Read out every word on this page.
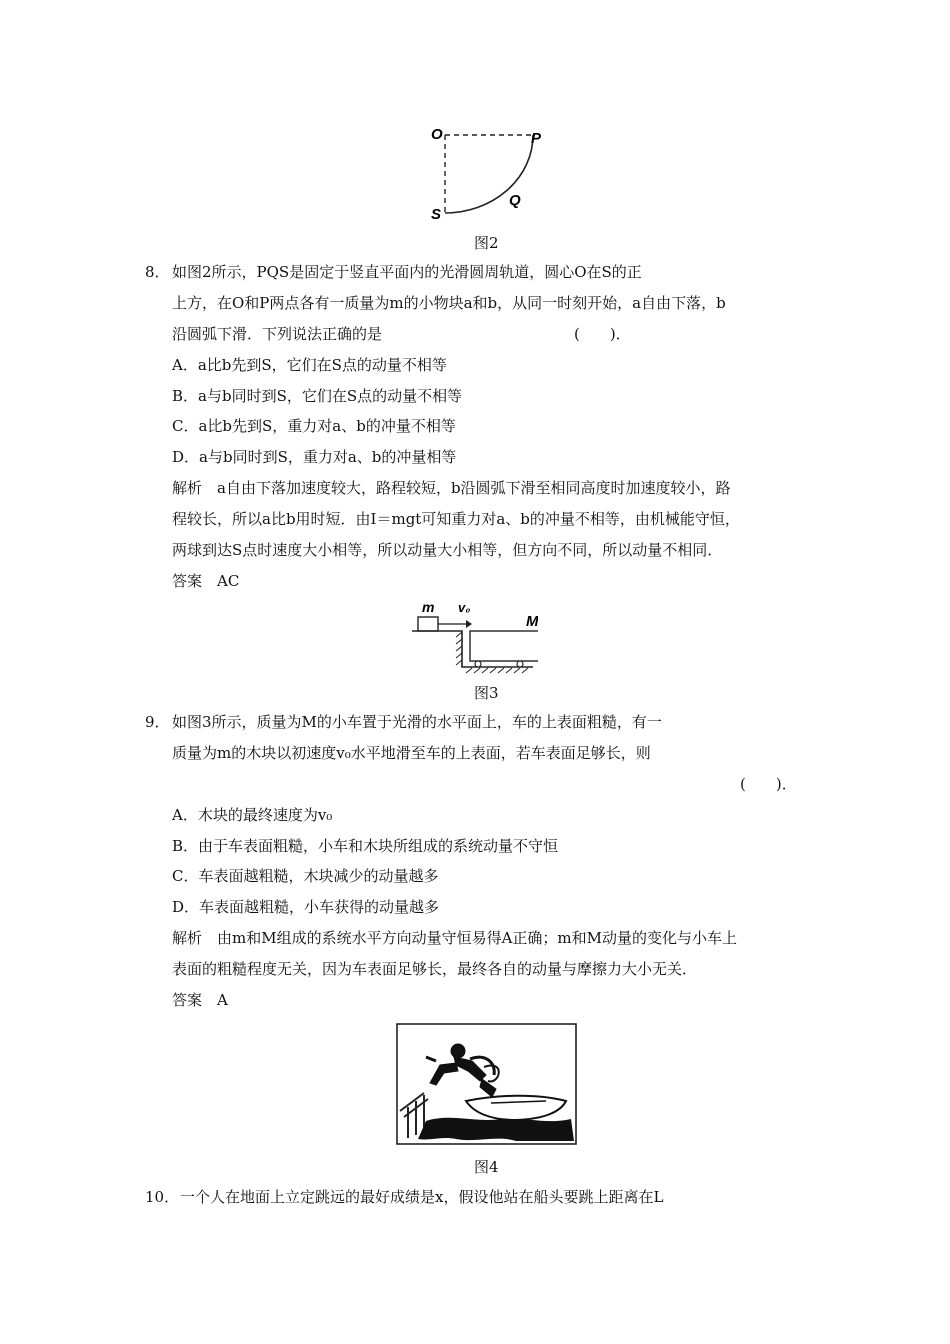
O	P
S
Q
图2
8． 如图2所示，PQS是固定于竖直平面内的光滑圆周轨道，圆心O在S的正
上方，在O和P两点各有一质量为m的小物块a和b，从同一时刻开始，a自由下落，b
沿圆弧下滑．下列说法正确的是	(　　)．
A．a比b先到S，它们在S点的动量不相等
B．a与b同时到S，它们在S点的动量不相等
C．a比b先到S，重力对a、b的冲量不相等
D．a与b同时到S，重力对a、b的冲量相等
解析　a自由下落加速度较大，路程较短，b沿圆弧下滑至相同高度时加速度较小，路
程较长，所以a比b用时短．由I＝mgt可知重力对a、b的冲量不相等，由机械能守恒，
两球到达S点时速度大小相等，所以动量大小相等，但方向不同，所以动量不相同．
答案　AC
m v₀
M
图3
9． 如图3所示，质量为M的小车置于光滑的水平面上，车的上表面粗糙，有一
质量为m的木块以初速度v₀水平地滑至车的上表面，若车表面足够长，则
(　　)．
A．木块的最终速度为v₀
B．由于车表面粗糙，小车和木块所组成的系统动量不守恒
C．车表面越粗糙，木块减少的动量越多
D．车表面越粗糙，小车获得的动量越多
解析　由m和M组成的系统水平方向动量守恒易得A正确；m和M动量的变化与小车上
表面的粗糙程度无关，因为车表面足够长，最终各自的动量与摩擦力大小无关．
答案　A
图4
10． 一个人在地面上立定跳远的最好成绩是x，假设他站在船头要跳上距离在L
